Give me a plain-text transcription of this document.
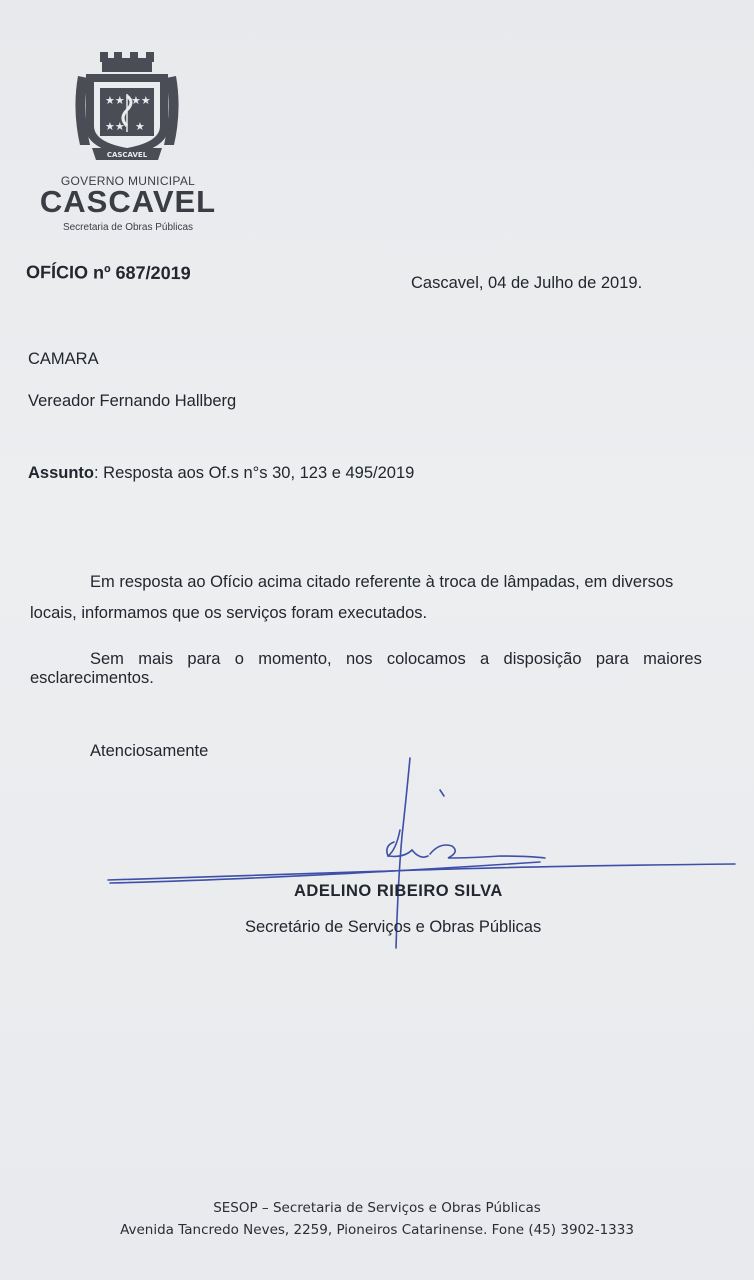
★★ ★★
★★ ★
CASCAVEL
GOVERNO MUNICIPAL
CASCAVEL
Secretaria de Obras Públicas
OFÍCIO nº 687/2019	Cascavel, 04 de Julho de 2019.
CAMARA
Vereador Fernando Hallberg
Assunto: Resposta aos Of.s n°s 30, 123 e 495/2019
Em resposta ao Ofício acima citado referente à troca de lâmpadas, em diversos
locais, informamos que os serviços foram executados.
Sem mais para o momento, nos colocamos a disposição para maiores
esclarecimentos.
Atenciosamente
ADELINO RIBEIRO SILVA
Secretário de Serviços e Obras Públicas
SESOP – Secretaria de Serviços e Obras Públicas
Avenida Tancredo Neves, 2259, Pioneiros Catarinense. Fone (45) 3902-1333
